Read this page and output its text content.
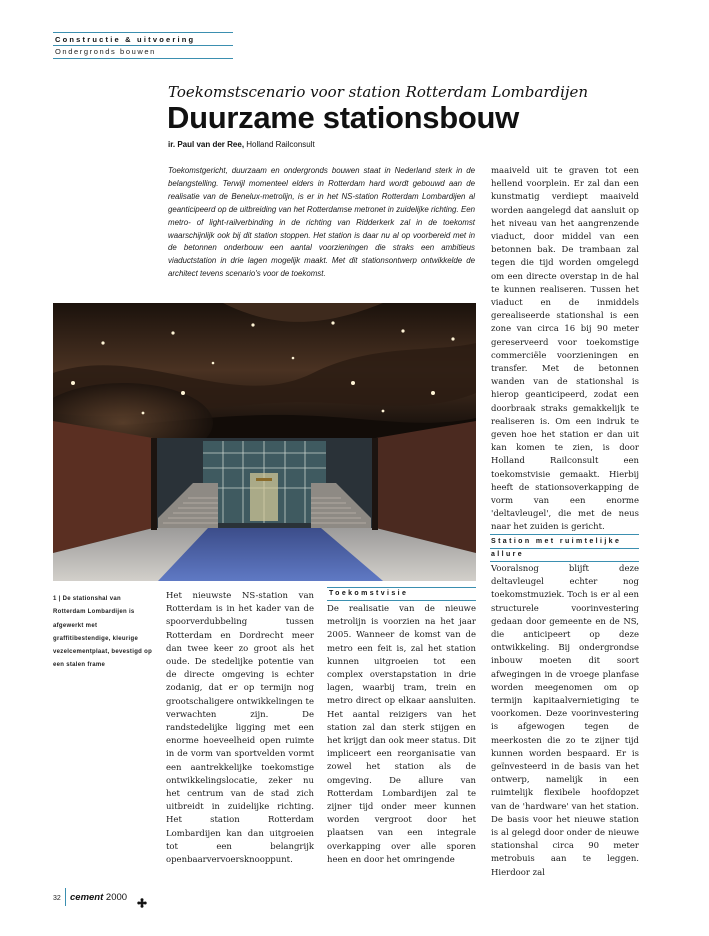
Constructie & uitvoering
Ondergronds bouwen
Toekomstscenario voor station Rotterdam Lombardijen
Duurzame stationsbouw
ir. Paul van der Ree, Holland Railconsult

Toekomstgericht, duurzaam en ondergronds bouwen staat in Nederland sterk in de belangstelling. Terwijl momenteel elders in Rotterdam hard wordt gebouwd aan de realisatie van de Benelux-metrolijn, is er in het NS-station Rotterdam Lombardijen al geanticipeerd op de uitbreiding van het Rotterdamse metronet in zuidelijke richting. Een metro- of light-railverbinding in de richting van Ridderkerk zal in de toekomst waarschijnlijk ook bij dit station stoppen. Het station is daar nu al op voorbereid met in de betonnen onderbouw een aantal voorzieningen die straks een ambitieus viaductstation in drie lagen mogelijk maakt. Met dit stationsontwerp ontwikkelde de architect tevens scenario's voor de toekomst.

1 | De stationshal van Rotterdam Lombardijen is afgewerkt met graffitibestendige, kleurige vezelcementplaat, bevestigd op een stalen frame

Het nieuwste NS-station van Rotterdam is in het kader van de spoorverdubbeling tussen Rotterdam en Dordrecht meer dan twee keer zo groot als het oude. De stedelijke potentie van de directe omgeving is echter zodanig, dat er op termijn nog grootschaligere ontwikkelingen te verwachten zijn. De randstedelijke ligging met een enorme hoeveelheid open ruimte in de vorm van sportvelden vormt een aantrekkelijke toekomstige ontwikkelingslocatie, zeker nu het centrum van de stad zich uitbreidt in zuidelijke richting. Het station Rotterdam Lombardijen kan dan uitgroeien tot een belangrijk openbaarvervoersknooppunt.

Toekomstvisie

De realisatie van de nieuwe metrolijn is voorzien na het jaar 2005. Wanneer de komst van de metro een feit is, zal het station kunnen uitgroeien tot een complex overstapstation in drie lagen, waarbij tram, trein en metro direct op elkaar aansluiten. Het aantal reizigers van het station zal dan sterk stijgen en het krijgt dan ook meer status. Dit impliceert een reorganisatie van zowel het station als de omgeving. De allure van Rotterdam Lombardijen zal te zijner tijd onder meer kunnen worden vergroot door het plaatsen van een integrale overkapping over alle sporen heen en door het omringende

maaiveld uit te graven tot een hellend voorplein. Er zal dan een kunstmatig verdiept maaiveld worden aangelegd dat aansluit op het niveau van het aangrenzende viaduct, door middel van een betonnen bak. De trambaan zal tegen die tijd worden omgelegd om een directe overstap in de hal te kunnen realiseren. Tussen het viaduct en de inmiddels gerealiseerde stationshal is een zone van circa 16 bij 90 meter gereserveerd voor toekomstige commerciële voorzieningen en transfer. Met de betonnen wanden van de stationshal is hierop geanticipeerd, zodat een doorbraak straks gemakkelijk te realiseren is. Om een indruk te geven hoe het station er dan uit kan komen te zien, is door Holland Railconsult een toekomstvisie gemaakt. Hierbij heeft de stationsoverkapping de vorm van een enorme 'deltavleugel', die met de neus naar het zuiden is gericht.

Station met ruimtelijke
allure

Vooralsnog blijft deze deltavleugel echter nog toekomstmuziek. Toch is er al een structurele voorinvestering gedaan door gemeente en de NS, die anticipeert op deze ontwikkeling. Bij ondergrondse inbouw moeten dit soort afwegingen in de vroege planfase worden meegenomen om op termijn kapitaalvernietiging te voorkomen. Deze voorinvestering is afgewogen tegen de meerkosten die zo te zijner tijd kunnen worden bespaard. Er is geïnvesteerd in de basis van het ontwerp, namelijk in een ruimtelijk flexibele hoofdopzet van de 'hardware' van het station. De basis voor het nieuwe station is al gelegd door onder de nieuwe stationshal circa 90 meter metrobuis aan te leggen. Hierdoor zal

32 cement 2000
